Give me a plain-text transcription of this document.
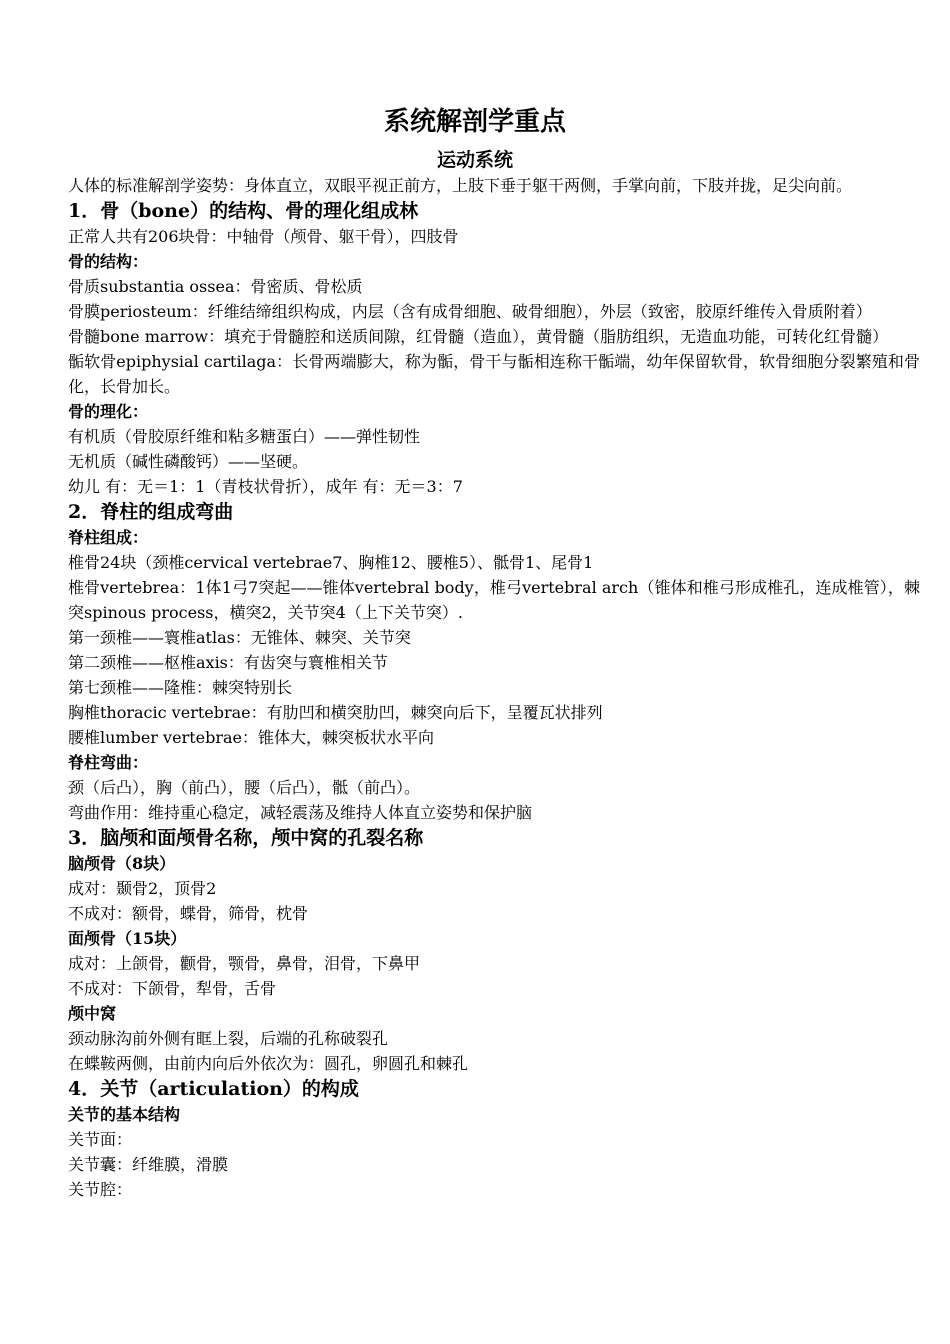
系统解剖学重点
运动系统
人体的标准解剖学姿势：身体直立，双眼平视正前方，上肢下垂于躯干两侧，手掌向前，下肢并拢，足尖向前。
1．骨（bone）的结构、骨的理化组成林
正常人共有206块骨：中轴骨（颅骨、躯干骨），四肢骨
骨的结构：
骨质substantia ossea：骨密质、骨松质
骨膜periosteum：纤维结缔组织构成，内层（含有成骨细胞、破骨细胞），外层（致密，胶原纤维传入骨质附着）
骨髓bone marrow：填充于骨髓腔和送质间隙，红骨髓（造血），黄骨髓（脂肪组织，无造血功能，可转化红骨髓）
骺软骨epiphysial cartilaga：长骨两端膨大，称为骺，骨干与骺相连称干骺端，幼年保留软骨，软骨细胞分裂繁殖和骨化，长骨加长。
骨的理化：
有机质（骨胶原纤维和粘多糖蛋白）——弹性韧性
无机质（碱性磷酸钙）——坚硬。
幼儿 有：无＝1：1（青枝状骨折），成年 有：无＝3：7
2．脊柱的组成弯曲
脊柱组成：
椎骨24块（颈椎cervical vertebrae7、胸椎12、腰椎5）、骶骨1、尾骨1
椎骨vertebrea：1体1弓7突起——锥体vertebral body，椎弓vertebral arch（锥体和椎弓形成椎孔，连成椎管），棘突spinous process，横突2，关节突4（上下关节突）.
第一颈椎——寰椎atlas：无锥体、棘突、关节突
第二颈椎——枢椎axis：有齿突与寰椎相关节
第七颈椎——隆椎：棘突特别长
胸椎thoracic vertebrae：有肋凹和横突肋凹，棘突向后下，呈覆瓦状排列
腰椎lumber vertebrae：锥体大，棘突板状水平向
脊柱弯曲：
颈（后凸），胸（前凸），腰（后凸），骶（前凸）。
弯曲作用：维持重心稳定，减轻震荡及维持人体直立姿势和保护脑
3．脑颅和面颅骨名称，颅中窝的孔裂名称
脑颅骨（8块）
成对：颞骨2，顶骨2
不成对：额骨，蝶骨，筛骨，枕骨
面颅骨（15块）
成对：上颌骨，颧骨，颚骨，鼻骨，泪骨，下鼻甲
不成对：下颌骨，犁骨，舌骨
颅中窝
颈动脉沟前外侧有眶上裂，后端的孔称破裂孔
在蝶鞍两侧，由前内向后外依次为：圆孔，卵圆孔和棘孔
4．关节（articulation）的构成
关节的基本结构
关节面：
关节囊：纤维膜，滑膜
关节腔：
